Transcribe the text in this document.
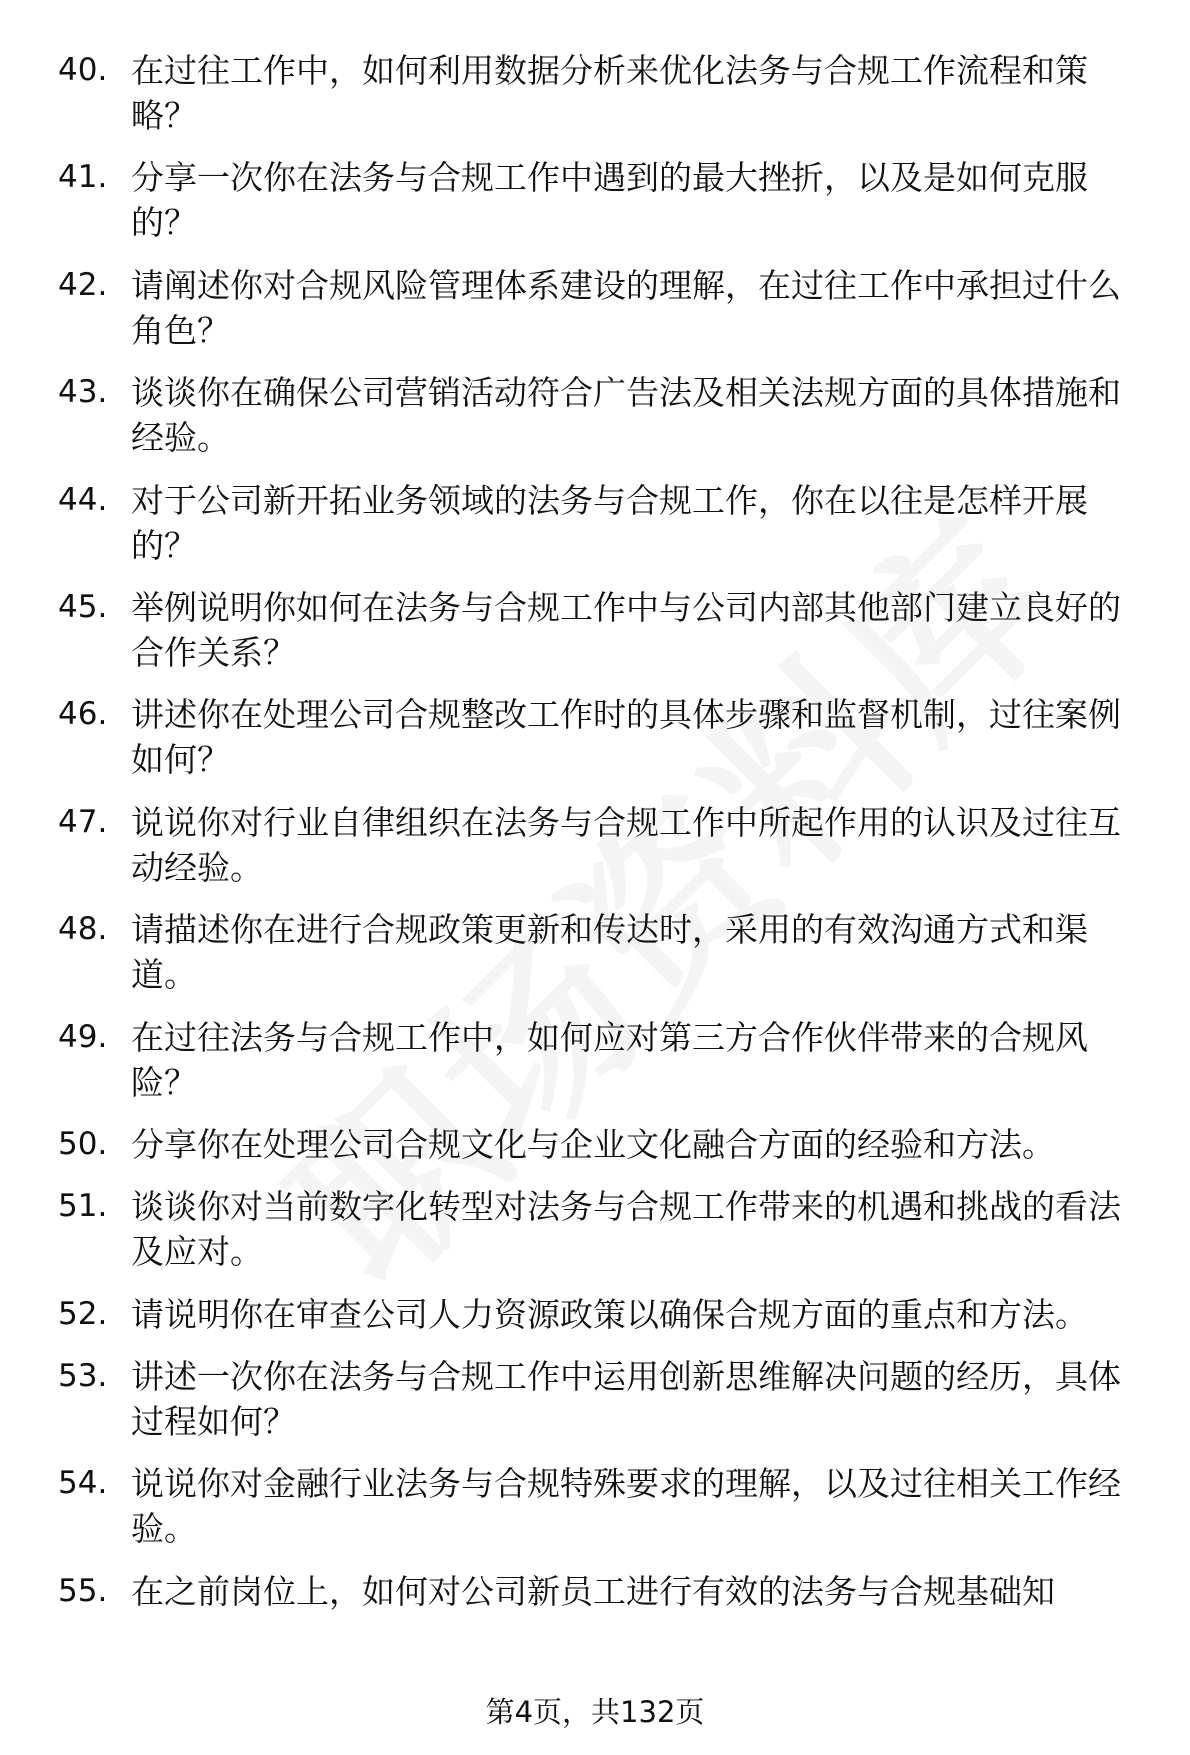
40. 在过往工作中，如何利用数据分析来优化法务与合规工作流程和策略？
41. 分享一次你在法务与合规工作中遇到的最大挫折，以及是如何克服的？
42. 请阐述你对合规风险管理体系建设的理解，在过往工作中承担过什么角色？
43. 谈谈你在确保公司营销活动符合广告法及相关法规方面的具体措施和经验。
44. 对于公司新开拓业务领域的法务与合规工作，你在以往是怎样开展的？
45. 举例说明你如何在法务与合规工作中与公司内部其他部门建立良好的合作关系？
46. 讲述你在处理公司合规整改工作时的具体步骤和监督机制，过往案例如何？
47. 说说你对行业自律组织在法务与合规工作中所起作用的认识及过往互动经验。
48. 请描述你在进行合规政策更新和传达时，采用的有效沟通方式和渠道。
49. 在过往法务与合规工作中，如何应对第三方合作伙伴带来的合规风险？
50. 分享你在处理公司合规文化与企业文化融合方面的经验和方法。
51. 谈谈你对当前数字化转型对法务与合规工作带来的机遇和挑战的看法及应对。
52. 请说明你在审查公司人力资源政策以确保合规方面的重点和方法。
53. 讲述一次你在法务与合规工作中运用创新思维解决问题的经历，具体过程如何？
54. 说说你对金融行业法务与合规特殊要求的理解，以及过往相关工作经验。
55. 在之前岗位上，如何对公司新员工进行有效的法务与合规基础知
第4页，共132页
